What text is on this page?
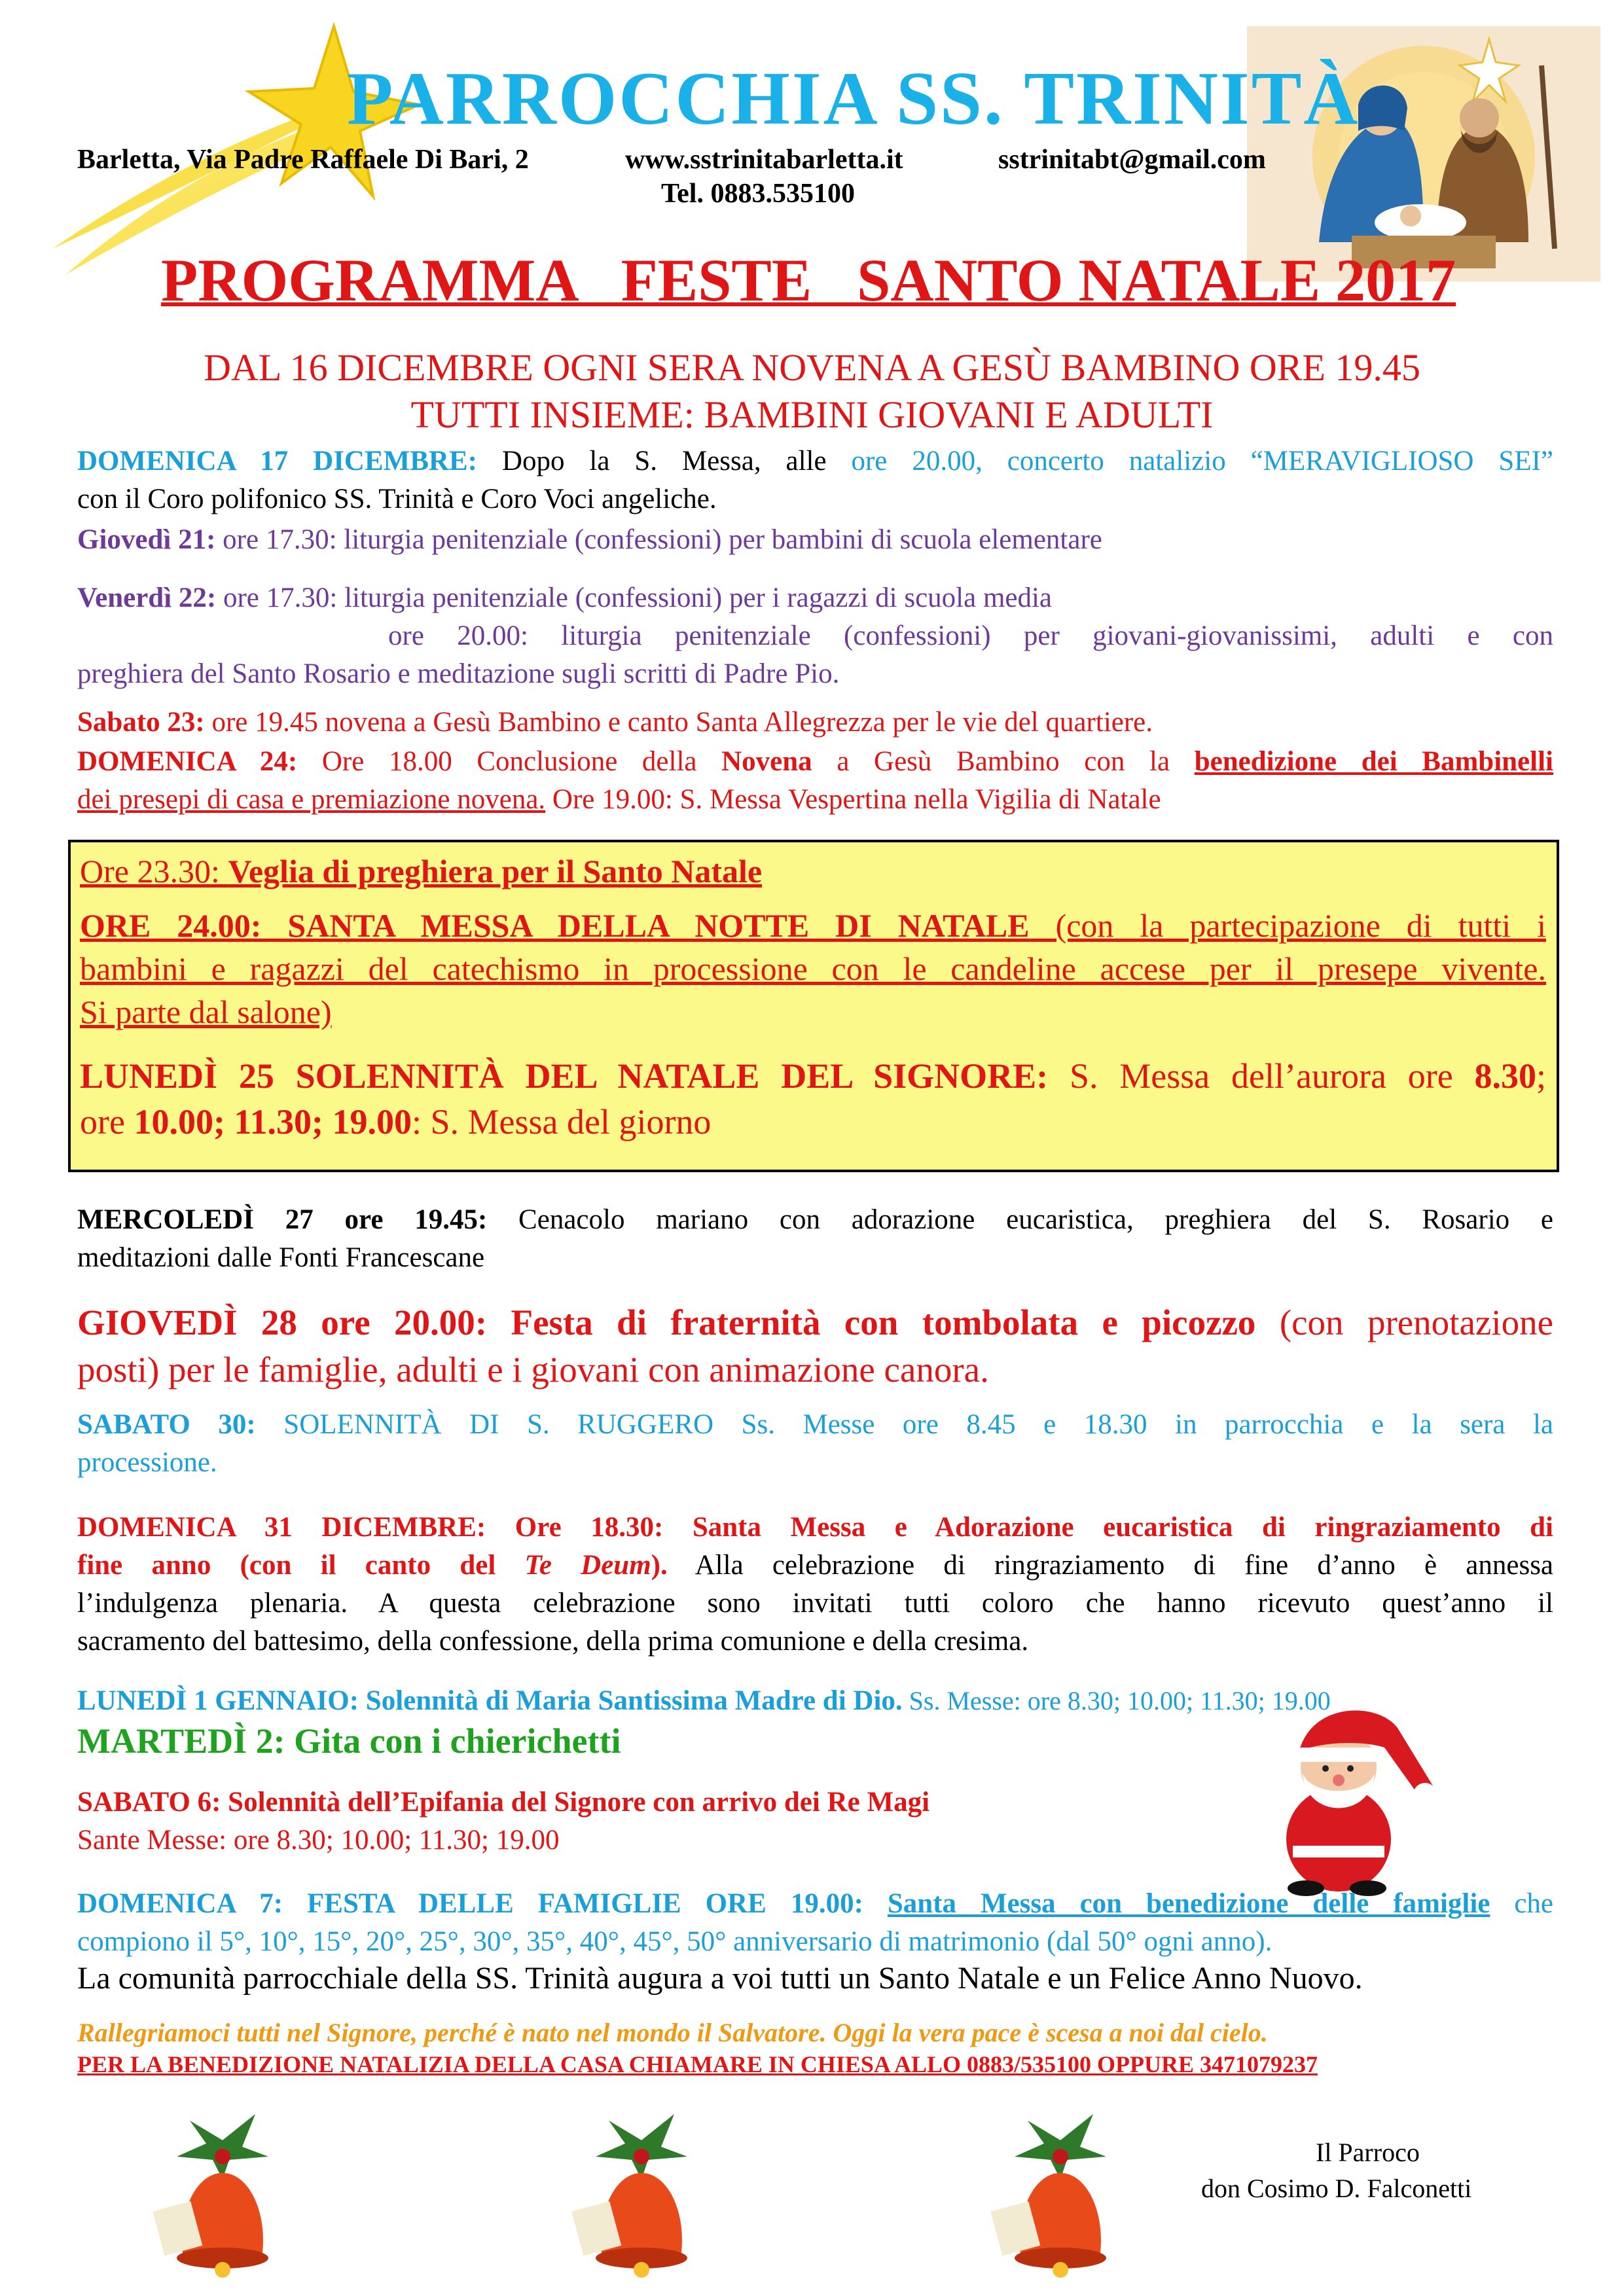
PARROCCHIA SS. TRINITÀ
Barletta, Via Padre Raffaele Di Bari, 2	www.sstrinitabarletta.it	sstrinitabt@gmail.com
Tel. 0883.535100
PROGRAMMA   FESTE   SANTO NATALE 2017
DAL 16 DICEMBRE OGNI SERA NOVENA A GESÙ BAMBINO ORE 19.45
TUTTI INSIEME: BAMBINI GIOVANI E ADULTI
DOMENICA 17 DICEMBRE: Dopo la S. Messa, alle ore 20.00, concerto natalizio “MERAVIGLIOSO SEI”
con il Coro polifonico SS. Trinità e Coro Voci angeliche.
Giovedì 21: ore 17.30: liturgia penitenziale (confessioni) per bambini di scuola elementare
Venerdì 22: ore 17.30: liturgia penitenziale (confessioni) per i ragazzi di scuola media
ore 20.00: liturgia penitenziale (confessioni) per giovani-giovanissimi, adulti e con
preghiera del Santo Rosario e meditazione sugli scritti di Padre Pio.
Sabato 23: ore 19.45 novena a Gesù Bambino e canto Santa Allegrezza per le vie del quartiere.
DOMENICA 24: Ore 18.00 Conclusione della Novena a Gesù Bambino con la benedizione dei Bambinelli
dei presepi di casa e premiazione novena. Ore 19.00: S. Messa Vespertina nella Vigilia di Natale
Ore 23.30: Veglia di preghiera per il Santo Natale
ORE 24.00: SANTA MESSA DELLA NOTTE DI NATALE (con la partecipazione di tutti i
bambini e ragazzi del catechismo in processione con le candeline accese per il presepe vivente.
Si parte dal salone)
LUNEDÌ 25 SOLENNITÀ DEL NATALE DEL SIGNORE: S. Messa dell’aurora ore 8.30;
ore 10.00; 11.30; 19.00: S. Messa del giorno
MERCOLEDÌ 27 ore 19.45: Cenacolo mariano con adorazione eucaristica, preghiera del S. Rosario e
meditazioni dalle Fonti Francescane
GIOVEDÌ 28 ore 20.00: Festa di fraternità con tombolata e picozzo (con prenotazione
posti) per le famiglie, adulti e i giovani con animazione canora.
SABATO 30: SOLENNITÀ DI S. RUGGERO Ss. Messe ore 8.45 e 18.30 in parrocchia e la sera la
processione.
DOMENICA 31 DICEMBRE: Ore 18.30: Santa Messa e Adorazione eucaristica di ringraziamento di
fine anno (con il canto del Te Deum). Alla celebrazione di ringraziamento di fine d’anno è annessa
l’indulgenza plenaria. A questa celebrazione sono invitati tutti coloro che hanno ricevuto quest’anno il
sacramento del battesimo, della confessione, della prima comunione e della cresima.
LUNEDÌ 1 GENNAIO: Solennità di Maria Santissima Madre di Dio. Ss. Messe: ore 8.30; 10.00; 11.30; 19.00
MARTEDÌ 2: Gita con i chierichetti
SABATO 6: Solennità dell’Epifania del Signore con arrivo dei Re Magi
Sante Messe: ore 8.30; 10.00; 11.30; 19.00
DOMENICA 7: FESTA DELLE FAMIGLIE ORE 19.00: Santa Messa con benedizione delle famiglie che
compiono il 5°, 10°, 15°, 20°, 25°, 30°, 35°, 40°, 45°, 50° anniversario di matrimonio (dal 50° ogni anno).
La comunità parrocchiale della SS. Trinità augura a voi tutti un Santo Natale e un Felice Anno Nuovo.
Rallegriamoci tutti nel Signore, perché è nato nel mondo il Salvatore. Oggi la vera pace è scesa a noi dal cielo.
PER LA BENEDIZIONE NATALIZIA DELLA CASA CHIAMARE IN CHIESA ALLO 0883/535100 OPPURE 3471079237
Il Parroco
don Cosimo D. Falconetti
